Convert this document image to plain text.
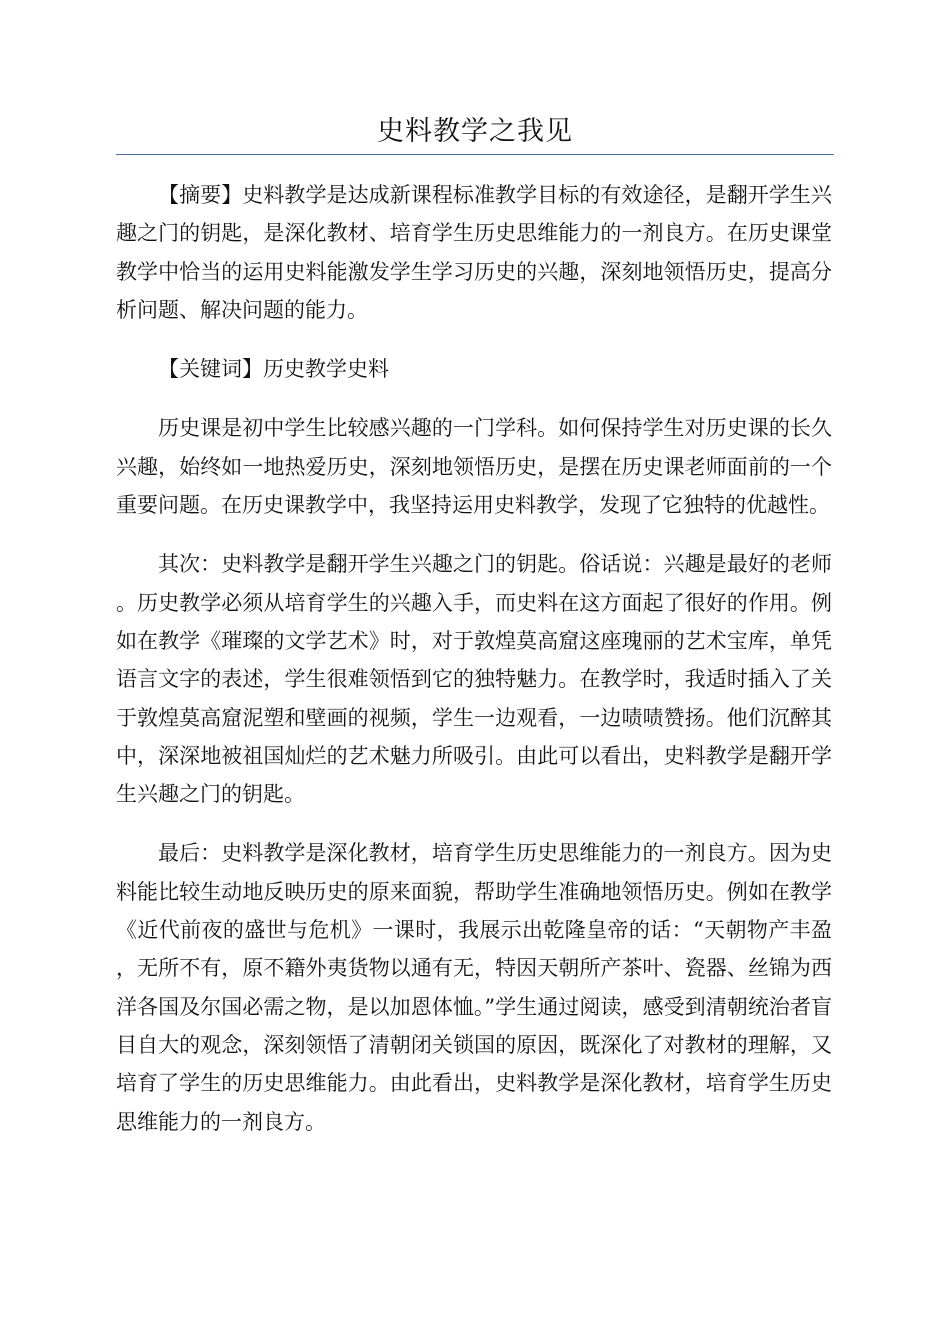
史料教学之我见

【摘要】史料教学是达成新课程标准教学目标的有效途径，是翻开学生兴趣之门的钥匙，是深化教材、培育学生历史思维能力的一剂良方。在历史课堂教学中恰当的运用史料能激发学生学习历史的兴趣，深刻地领悟历史，提高分析问题、解决问题的能力。

【关键词】历史教学史料

历史课是初中学生比较感兴趣的一门学科。如何保持学生对历史课的长久兴趣，始终如一地热爱历史，深刻地领悟历史，是摆在历史课老师面前的一个重要问题。在历史课教学中，我坚持运用史料教学，发现了它独特的优越性。

其次：史料教学是翻开学生兴趣之门的钥匙。俗话说：兴趣是最好的老师。历史教学必须从培育学生的兴趣入手，而史料在这方面起了很好的作用。例如在教学《璀璨的文学艺术》时，对于敦煌莫高窟这座瑰丽的艺术宝库，单凭语言文字的表述，学生很难领悟到它的独特魅力。在教学时，我适时插入了关于敦煌莫高窟泥塑和壁画的视频，学生一边观看，一边啧啧赞扬。他们沉醉其中，深深地被祖国灿烂的艺术魅力所吸引。由此可以看出，史料教学是翻开学生兴趣之门的钥匙。

最后：史料教学是深化教材，培育学生历史思维能力的一剂良方。因为史料能比较生动地反映历史的原来面貌，帮助学生准确地领悟历史。例如在教学《近代前夜的盛世与危机》一课时，我展示出乾隆皇帝的话：“天朝物产丰盈，无所不有，原不籍外夷货物以通有无，特因天朝所产茶叶、瓷器、丝锦为西洋各国及尔国必需之物，是以加恩体恤。”学生通过阅读，感受到清朝统治者盲目自大的观念，深刻领悟了清朝闭关锁国的原因，既深化了对教材的理解，又培育了学生的历史思维能力。由此看出，史料教学是深化教材，培育学生历史思维能力的一剂良方。
